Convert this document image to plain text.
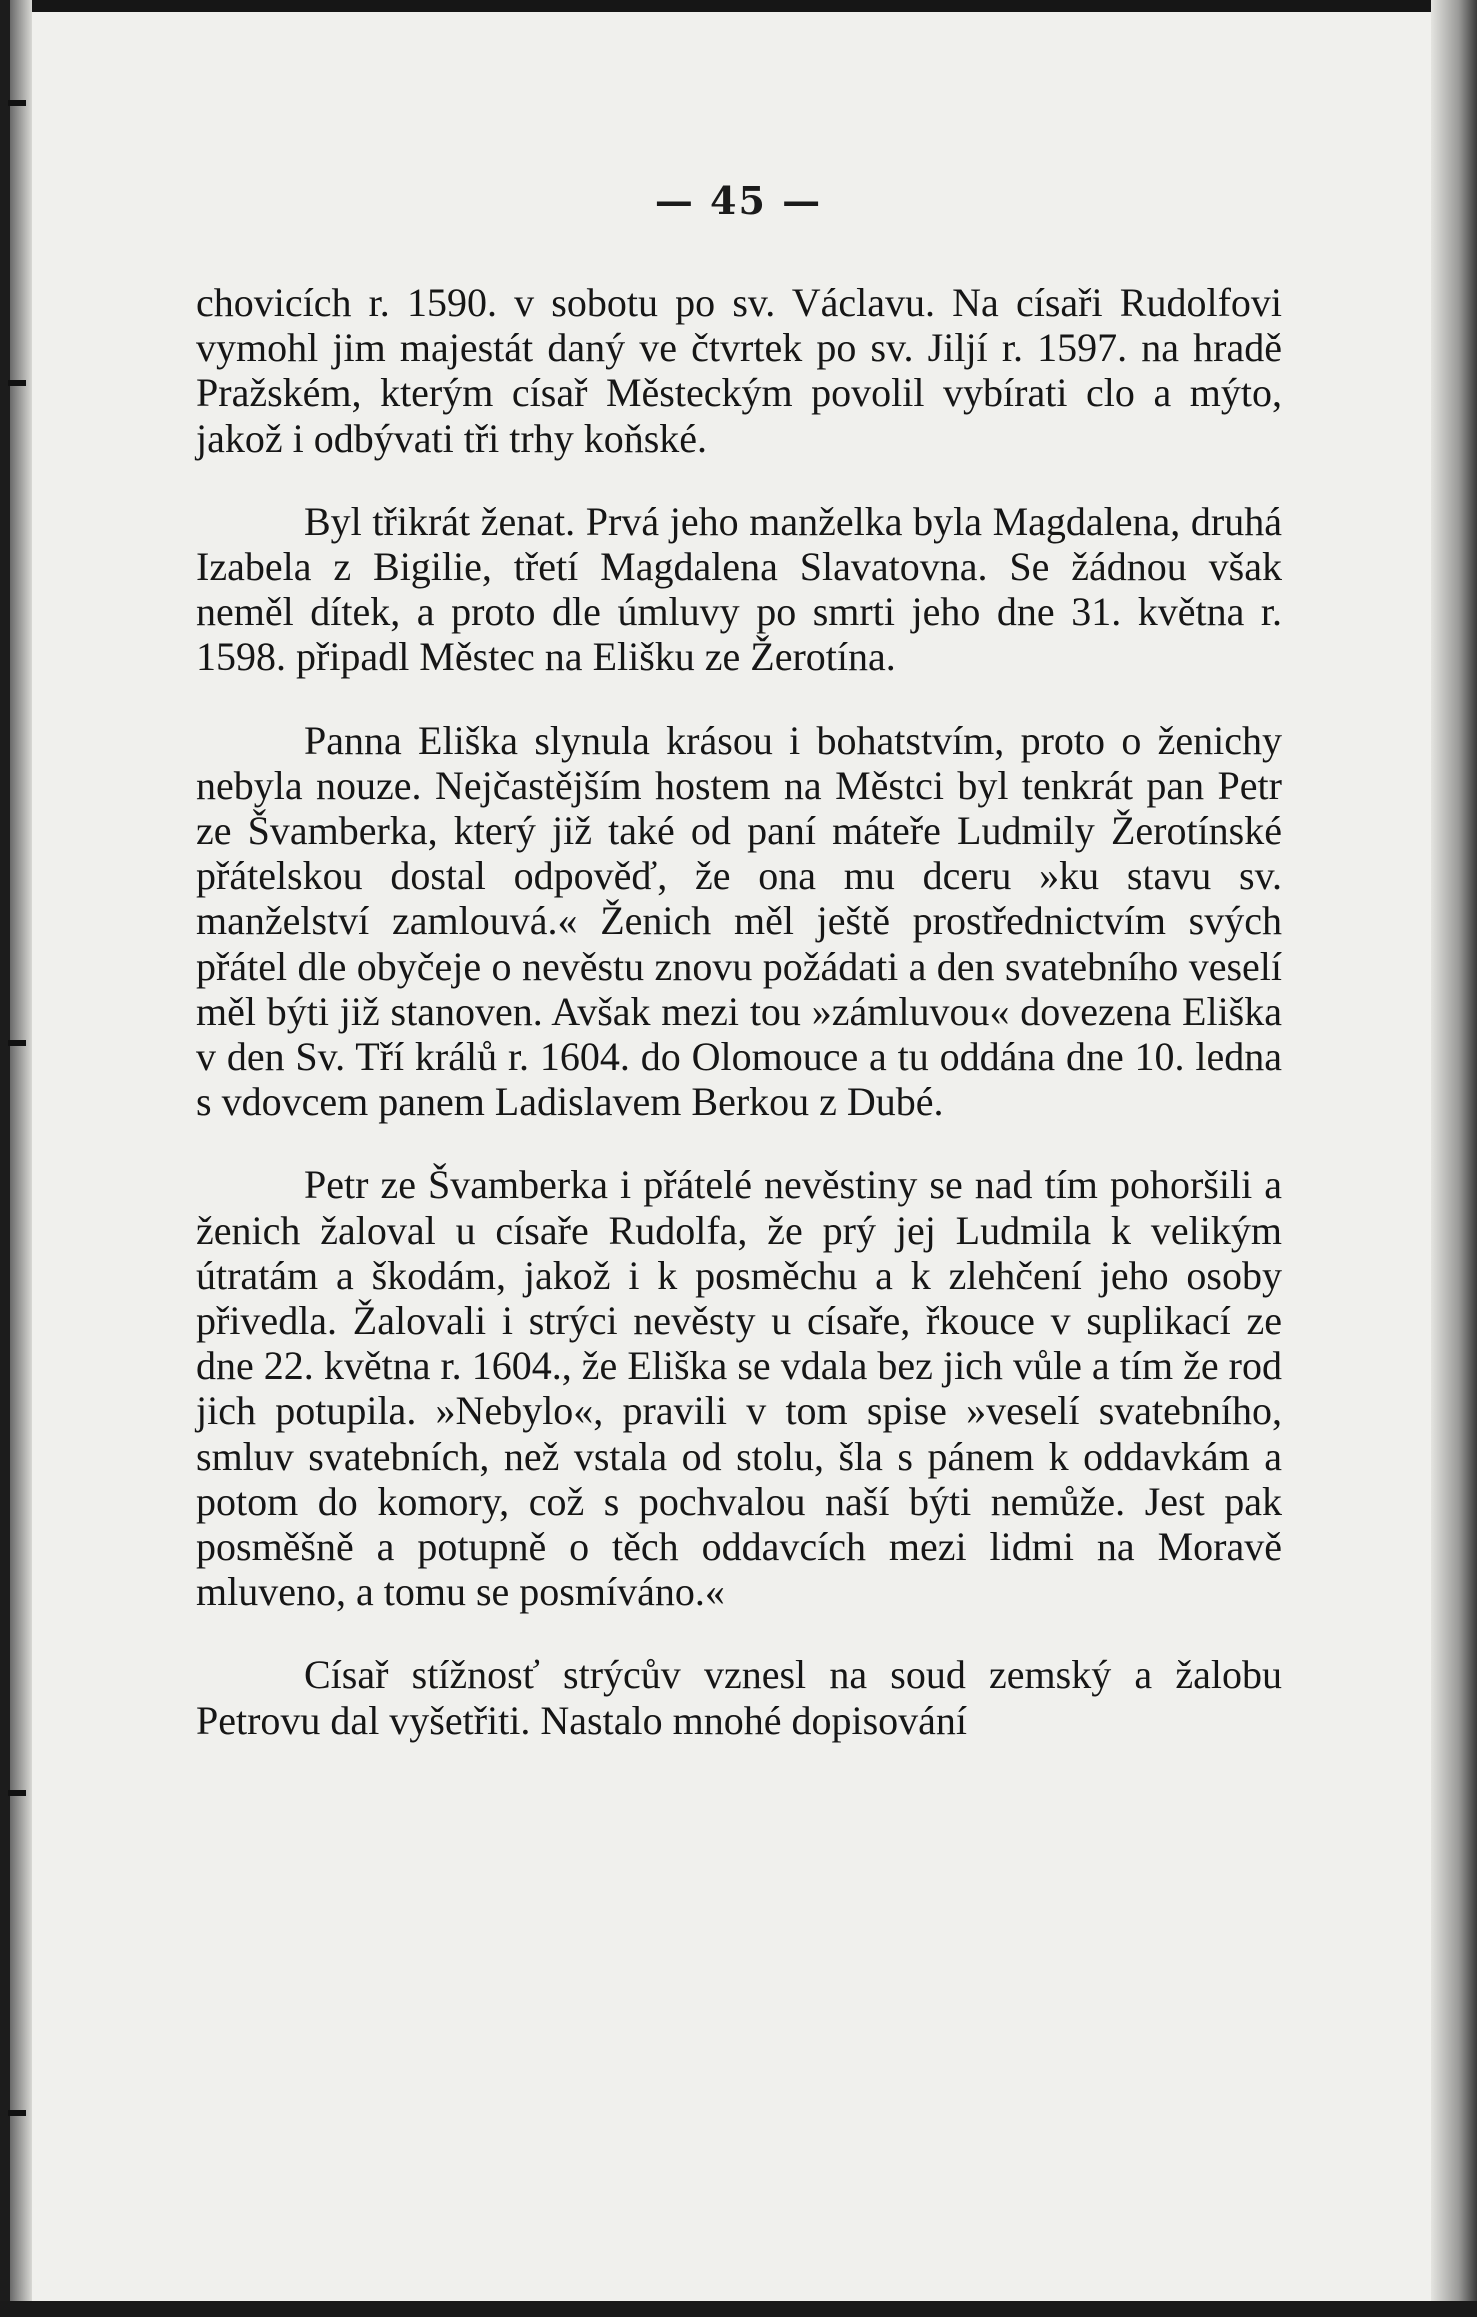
— 45 —

chovicích r. 1590. v sobotu po sv. Václavu. Na císaři Rudolfovi vymohl jim majestát daný ve čtvrtek po sv. Jiljí r. 1597. na hradě Pražském, kterým císař Městeckým povolil vybírati clo a mýto, jakož i odbývati tři trhy koňské.

Byl třikrát ženat. Prvá jeho manželka byla Magdalena, druhá Izabela z Bigilie, třetí Magdalena Slavatovna. Se žádnou však neměl dítek, a proto dle úmluvy po smrti jeho dne 31. května r. 1598. připadl Městec na Elišku ze Žerotína.

Panna Eliška slynula krásou i bohatstvím, proto o ženichy nebyla nouze. Nejčastějším hostem na Městci byl tenkrát pan Petr ze Švamberka, který již také od paní máteře Ludmily Žerotínské přátelskou dostal odpověď, že ona mu dceru »ku stavu sv. manželství zamlouvá.« Ženich měl ještě prostřednictvím svých přátel dle obyčeje o nevěstu znovu požádati a den svatebního veselí měl býti již stanoven. Avšak mezi tou »zámluvou« dovezena Eliška v den Sv. Tří králů r. 1604. do Olomouce a tu oddána dne 10. ledna s vdovcem panem Ladislavem Berkou z Dubé.

Petr ze Švamberka i přátelé nevěstiny se nad tím pohoršili a ženich žaloval u císaře Rudolfa, že prý jej Ludmila k velikým útratám a škodám, jakož i k posměchu a k zlehčení jeho osoby přivedla. Žalovali i strýci nevěsty u císaře, řkouce v suplikací ze dne 22. května r. 1604., že Eliška se vdala bez jich vůle a tím že rod jich potupila. »Nebylo«, pravili v tom spise »veselí svatebního, smluv svatebních, než vstala od stolu, šla s pánem k oddavkám a potom do komory, což s pochvalou naší býti nemůže. Jest pak posměšně a potupně o těch oddavcích mezi lidmi na Moravě mluveno, a tomu se posmíváno.«

Císař stížnosť strýcův vznesl na soud zemský a žalobu Petrovu dal vyšetřiti. Nastalo mnohé dopisování
